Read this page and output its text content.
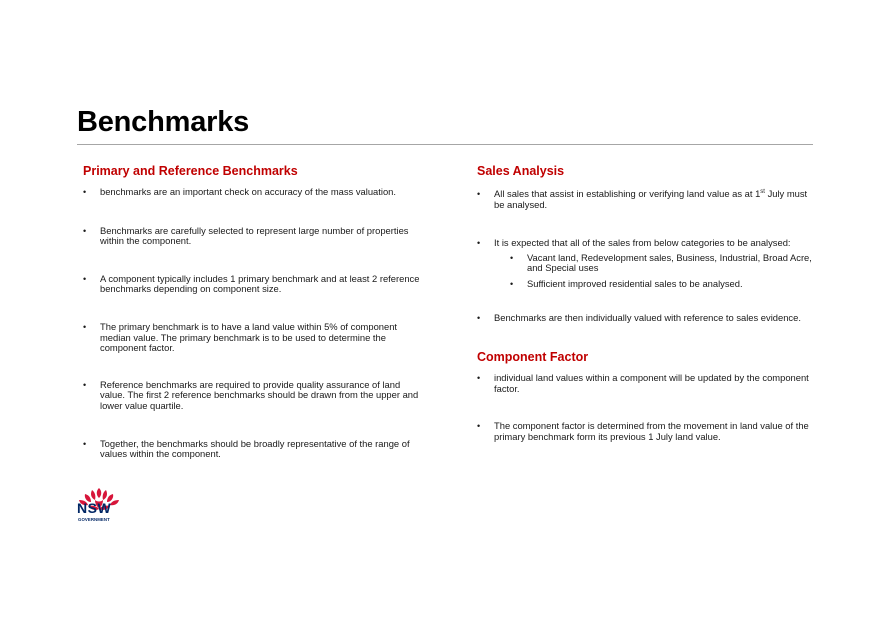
Benchmarks
Primary and Reference Benchmarks
• benchmarks are an important check on accuracy of the mass valuation.
• Benchmarks are carefully selected to represent large number of properties within the component.
• A component typically includes 1 primary benchmark and at least 2 reference benchmarks depending on component size.
• The primary benchmark is to have a land value within 5% of component median value. The primary benchmark is to be used to determine the component factor.
• Reference benchmarks are required to provide quality assurance of land value. The first 2 reference benchmarks should be drawn from the upper and lower value quartile.
• Together, the benchmarks should be broadly representative of the range of values within the component.
Sales Analysis
• All sales that assist in establishing or verifying land value as at 1st July must be analysed.
• It is expected that all of the sales from below categories to be analysed:
• Vacant land, Redevelopment sales, Business, Industrial, Broad Acre, and Special uses
• Sufficient improved residential sales to be analysed.
• Benchmarks are then individually valued with reference to sales evidence.
Component Factor
• individual land values within a component will be updated by the component factor.
• The component factor is determined from the movement in land value of the primary benchmark form its previous 1 July land value.
NSW
GOVERNMENT
